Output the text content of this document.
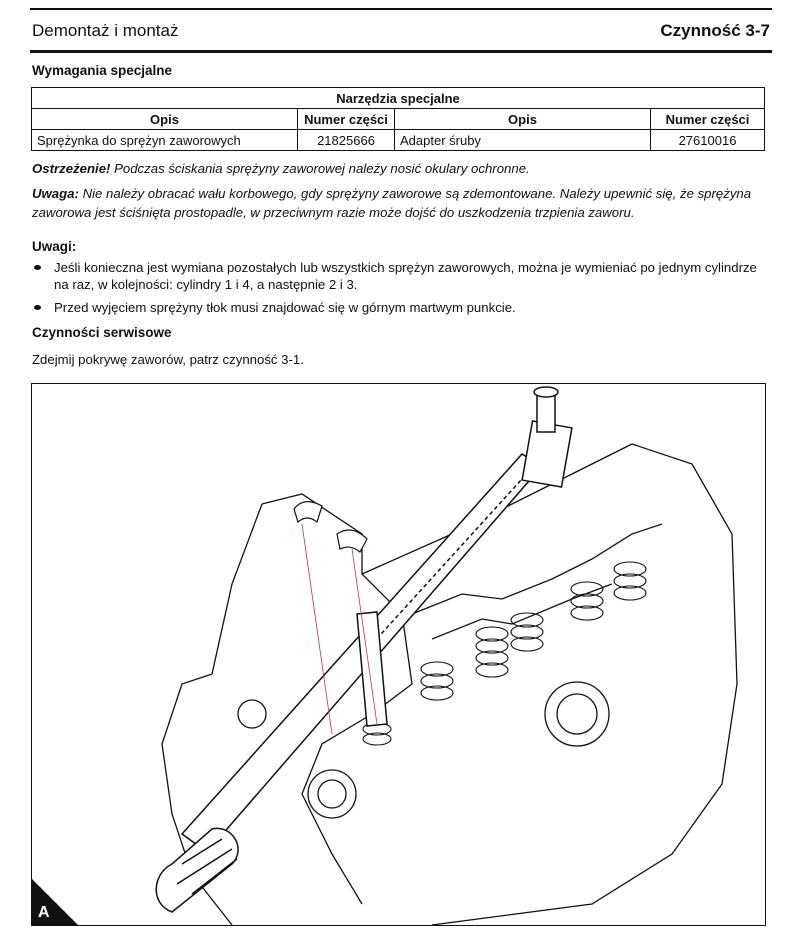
Demontaż i montaż	Czynność 3-7
Wymagania specjalne
Narzędzia specjalne			
Opis	Numer części	Opis	Numer części
Sprężynka do sprężyn zaworowych	21825666	Adapter śruby	27610016
Ostrzeżenie! Podczas ściskania sprężyny zaworowej należy nosić okulary ochronne.
Uwaga: Nie należy obracać wału korbowego, gdy sprężyny zaworowe są zdemontowane. Należy upewnić się, że sprężyna zaworowa jest ściśnięta prostopadle, w przeciwnym razie może dojść do uszkodzenia trzpienia zaworu.
Uwagi:
Jeśli konieczna jest wymiana pozostałych lub wszystkich sprężyn zaworowych, można je wymieniać po jednym cylindrze na raz, w kolejności: cylindry 1 i 4, a następnie 2 i 3.
Przed wyjęciem sprężyny tłok musi znajdować się w górnym martwym punkcie.
Czynności serwisowe
Zdejmij pokrywę zaworów, patrz czynność 3-1.
A
